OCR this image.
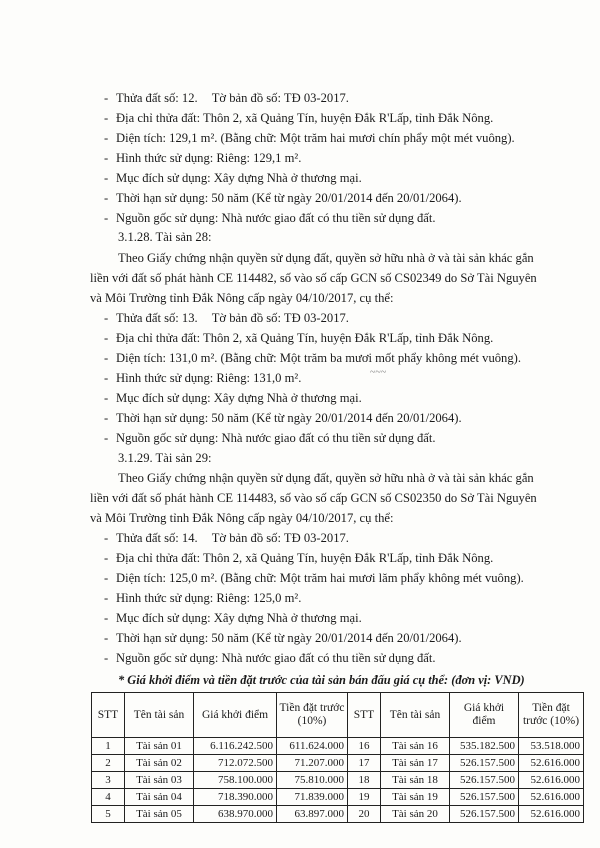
- Thửa đất số: 12. Tờ bản đồ số: TĐ 03-2017.
- Địa chỉ thửa đất: Thôn 2, xã Quảng Tín, huyện Đắk R'Lấp, tỉnh Đắk Nông.
- Diện tích: 129,1 m². (Bằng chữ: Một trăm hai mươi chín phẩy một mét vuông).
- Hình thức sử dụng: Riêng: 129,1 m².
- Mục đích sử dụng: Xây dựng Nhà ở thương mại.
- Thời hạn sử dụng: 50 năm (Kể từ ngày 20/01/2014 đến 20/01/2064).
- Nguồn gốc sử dụng: Nhà nước giao đất có thu tiền sử dụng đất.
3.1.28. Tài sản 28:
Theo Giấy chứng nhận quyền sử dụng đất, quyền sở hữu nhà ở và tài sản khác gắn
liền với đất số phát hành CE 114482, số vào số cấp GCN số CS02349 do Sở Tài Nguyên
và Môi Trường tỉnh Đắk Nông cấp ngày 04/10/2017, cụ thể:
- Thửa đất số: 13. Tờ bản đồ số: TĐ 03-2017.
- Địa chỉ thửa đất: Thôn 2, xã Quảng Tín, huyện Đắk R'Lấp, tỉnh Đắk Nông.
- Diện tích: 131,0 m². (Bằng chữ: Một trăm ba mươi mốt phẩy không mét vuông).
- Hình thức sử dụng: Riêng: 131,0 m².
- Mục đích sử dụng: Xây dựng Nhà ở thương mại.
- Thời hạn sử dụng: 50 năm (Kể từ ngày 20/01/2014 đến 20/01/2064).
- Nguồn gốc sử dụng: Nhà nước giao đất có thu tiền sử dụng đất.
~~~
3.1.29. Tài sản 29:
Theo Giấy chứng nhận quyền sử dụng đất, quyền sở hữu nhà ở và tài sản khác gắn
liền với đất số phát hành CE 114483, số vào số cấp GCN số CS02350 do Sở Tài Nguyên
và Môi Trường tỉnh Đắk Nông cấp ngày 04/10/2017, cụ thể:
- Thửa đất số: 14. Tờ bản đồ số: TĐ 03-2017.
- Địa chỉ thửa đất: Thôn 2, xã Quảng Tín, huyện Đắk R'Lấp, tỉnh Đắk Nông.
- Diện tích: 125,0 m². (Bằng chữ: Một trăm hai mươi lăm phẩy không mét vuông).
- Hình thức sử dụng: Riêng: 125,0 m².
- Mục đích sử dụng: Xây dựng Nhà ở thương mại.
- Thời hạn sử dụng: 50 năm (Kể từ ngày 20/01/2014 đến 20/01/2064).
- Nguồn gốc sử dụng: Nhà nước giao đất có thu tiền sử dụng đất.
* Giá khởi điểm và tiền đặt trước của tài sản bán đấu giá cụ thể: (đơn vị: VND)
STT	Tên tài sản	Giá khởi điểm	Tiền đặt trước (10%)	STT	Tên tài sản	Giá khởi điểm	Tiền đặt trước (10%)
1	Tài sản 01	6.116.242.500	611.624.000	16	Tài sản 16	535.182.500	53.518.000
2	Tài sản 02	712.072.500	71.207.000	17	Tài sản 17	526.157.500	52.616.000
3	Tài sản 03	758.100.000	75.810.000	18	Tài sản 18	526.157.500	52.616.000
4	Tài sản 04	718.390.000	71.839.000	19	Tài sản 19	526.157.500	52.616.000
5	Tài sản 05	638.970.000	63.897.000	20	Tài sản 20	526.157.500	52.616.000
